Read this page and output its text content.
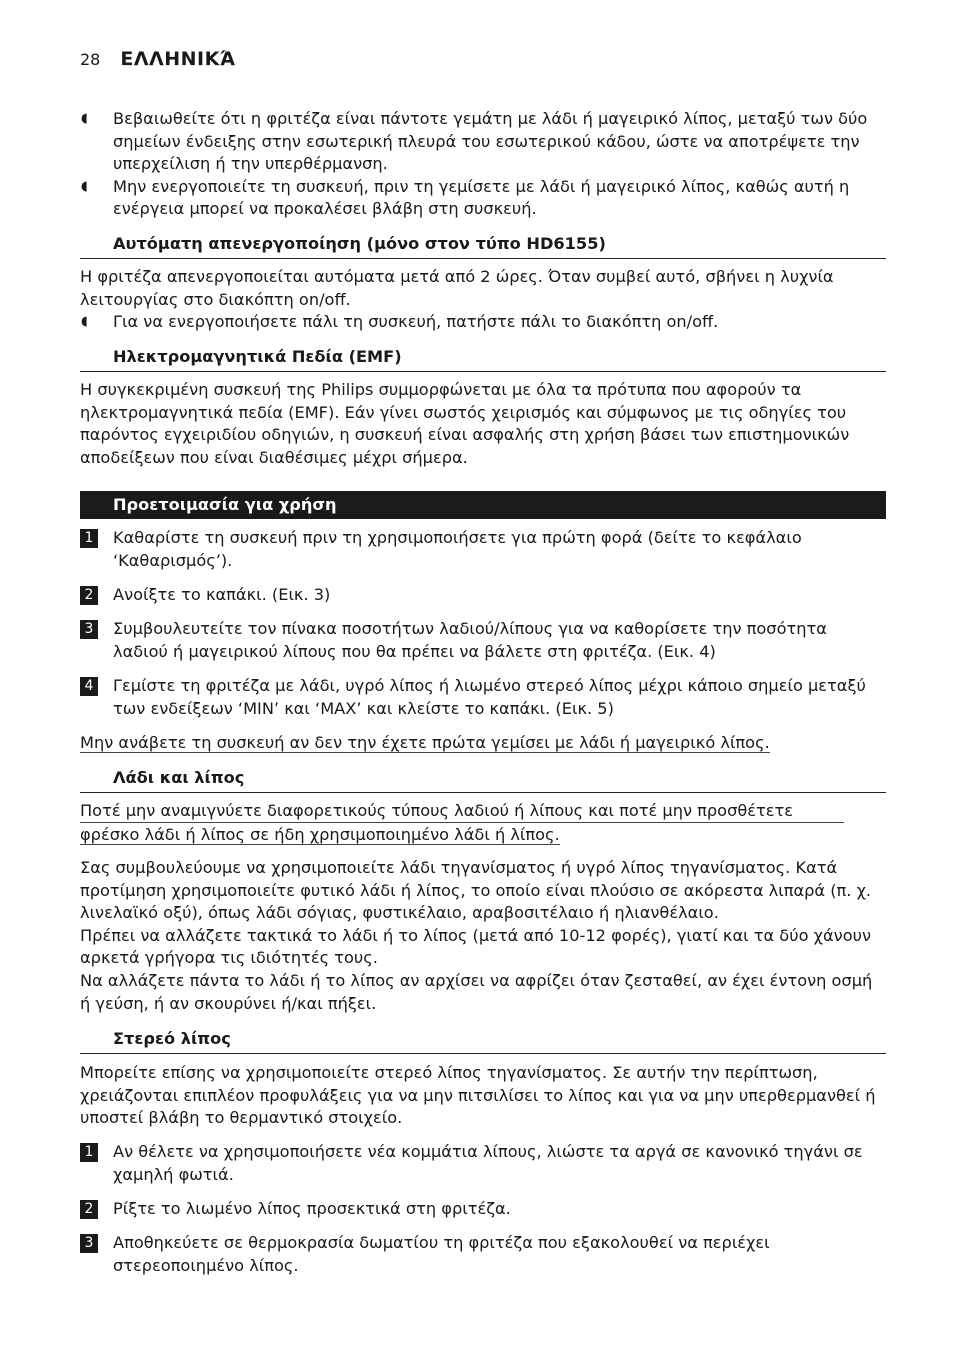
28 ΕΛΛΗΝΙΚΆ
◖	Βεβαιωθείτε ότι η φριτέζα είναι πάντοτε γεμάτη με λάδι ή μαγειρικό λίπος, μεταξύ των δύο σημείων ένδειξης στην εσωτερική πλευρά του εσωτερικού κάδου, ώστε να αποτρέψετε την υπερχείλιση ή την υπερθέρμανση.
◖	Μην ενεργοποιείτε τη συσκευή, πριν τη γεμίσετε με λάδι ή μαγειρικό λίπος, καθώς αυτή η ενέργεια μπορεί να προκαλέσει βλάβη στη συσκευή.
Αυτόματη απενεργοποίηση (μόνο στον τύπο HD6155)
Η φριτέζα απενεργοποιείται αυτόματα μετά από 2 ώρες. Όταν συμβεί αυτό, σβήνει η λυχνία λειτουργίας στο διακόπτη on/off.
◖	Για να ενεργοποιήσετε πάλι τη συσκευή, πατήστε πάλι το διακόπτη on/off.
Ηλεκτρομαγνητικά Πεδία (EMF)
Η συγκεκριμένη συσκευή της Philips συμμορφώνεται με όλα τα πρότυπα που αφορούν τα ηλεκτρομαγνητικά πεδία (EMF). Εάν γίνει σωστός χειρισμός και σύμφωνος με τις οδηγίες του παρόντος εγχειριδίου οδηγιών, η συσκευή είναι ασφαλής στη χρήση βάσει των επιστημονικών αποδείξεων που είναι διαθέσιμες μέχρι σήμερα.
Προετοιμασία για χρήση
1 Καθαρίστε τη συσκευή πριν τη χρησιμοποιήσετε για πρώτη φορά (δείτε το κεφάλαιο ‘Καθαρισμός’).
2 Ανοίξτε το καπάκι. (Εικ. 3)
3 Συμβουλευτείτε τον πίνακα ποσοτήτων λαδιού/λίπους για να καθορίσετε την ποσότητα λαδιού ή μαγειρικού λίπους που θα πρέπει να βάλετε στη φριτέζα. (Εικ. 4)
4 Γεμίστε τη φριτέζα με λάδι, υγρό λίπος ή λιωμένο στερεό λίπος μέχρι κάποιο σημείο μεταξύ των ενδείξεων ‘MIN’ και ‘MAX’ και κλείστε το καπάκι. (Εικ. 5)
Μην ανάβετε τη συσκευή αν δεν την έχετε πρώτα γεμίσει με λάδι ή μαγειρικό λίπος.
Λάδι και λίπος
Ποτέ μην αναμιγνύετε διαφορετικούς τύπους λαδιού ή λίπους και ποτέ μην προσθέτετε
φρέσκο λάδι ή λίπος σε ήδη χρησιμοποιημένο λάδι ή λίπος.
Σας συμβουλεύουμε να χρησιμοποιείτε λάδι τηγανίσματος ή υγρό λίπος τηγανίσματος. Κατά προτίμηση χρησιμοποιείτε φυτικό λάδι ή λίπος, το οποίο είναι πλούσιο σε ακόρεστα λιπαρά (π. χ. λινελαϊκό οξύ), όπως λάδι σόγιας, φυστικέλαιο, αραβοσιτέλαιο ή ηλιανθέλαιο.
Πρέπει να αλλάζετε τακτικά το λάδι ή το λίπος (μετά από 10-12 φορές), γιατί και τα δύο χάνουν αρκετά γρήγορα τις ιδιότητές τους.
Να αλλάζετε πάντα το λάδι ή το λίπος αν αρχίσει να αφρίζει όταν ζεσταθεί, αν έχει έντονη οσμή ή γεύση, ή αν σκουρύνει ή/και πήξει.
Στερεό λίπος
Μπορείτε επίσης να χρησιμοποιείτε στερεό λίπος τηγανίσματος. Σε αυτήν την περίπτωση, χρειάζονται επιπλέον προφυλάξεις για να μην πιτσιλίσει το λίπος και για να μην υπερθερμανθεί ή υποστεί βλάβη το θερμαντικό στοιχείο.
1 Αν θέλετε να χρησιμοποιήσετε νέα κομμάτια λίπους, λιώστε τα αργά σε κανονικό τηγάνι σε χαμηλή φωτιά.
2 Ρίξτε το λιωμένο λίπος προσεκτικά στη φριτέζα.
3 Αποθηκεύετε σε θερμοκρασία δωματίου τη φριτέζα που εξακολουθεί να περιέχει στερεοποιημένο λίπος.
